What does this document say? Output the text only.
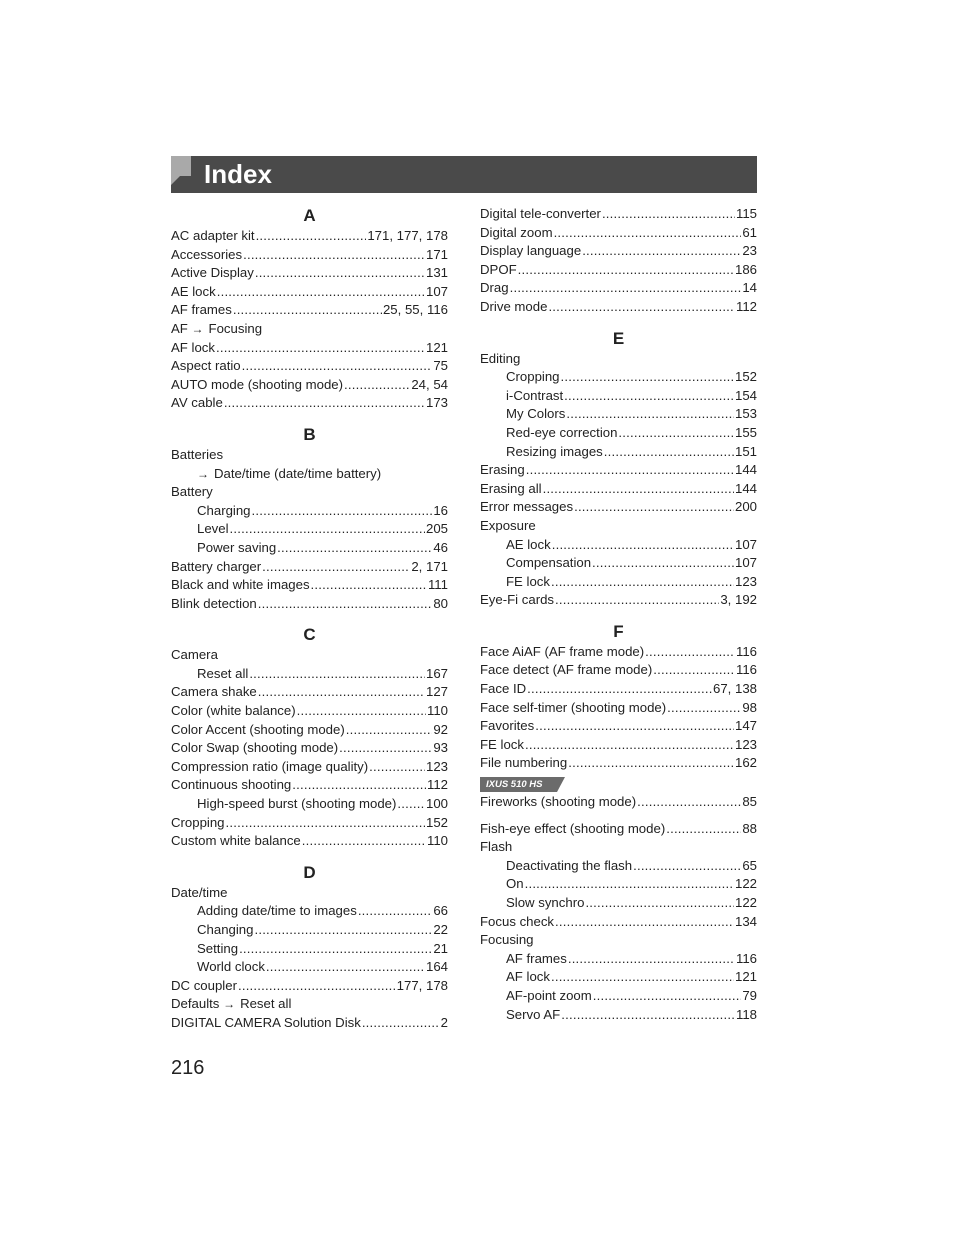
Index
A
AC adapter kit .....	171, 177, 178
Accessories .....	171
Active Display .....	131
AE lock .....	107
AF frames .....	25, 55, 116
AF
→ Focusing
AF lock .....	121
Aspect ratio .....	75
AUTO mode (shooting mode) .....	24, 54
AV cable .....	173
B
Batteries
→ Date/time (date/time battery)
Battery
Charging .....	16
Level .....	205
Power saving .....	46
Battery charger .....	2, 171
Black and white images .....	111
Blink detection .....	80
C
Camera
Reset all .....	167
Camera shake .....	127
Color (white balance) .....	110
Color Accent (shooting mode) .....	92
Color Swap (shooting mode) .....	93
Compression ratio (image quality) .....	123
Continuous shooting .....	112
High-speed burst (shooting mode) ..... 100
Cropping .....	152
Custom white balance .....	110
D
Date/time
Adding date/time to images .....	66
Changing .....	22
Setting .....	21
World clock .....	164
DC coupler .....	177, 178
Defaults
→ Reset all
DIGITAL CAMERA Solution Disk .....	2
Digital tele-converter .....	115
Digital zoom .....	61
Display language .....	23
DPOF .....	186
Drag .....	14
Drive mode .....	112
E
Editing
Cropping .....	152
i-Contrast .....	154
My Colors .....	153
Red-eye correction .....	155
Resizing images .....	151
Erasing .....	144
Erasing all .....	144
Error messages .....	200
Exposure
AE lock .....	107
Compensation .....	107
FE lock .....	123
Eye-Fi cards .....	3, 192
F
Face AiAF (AF frame mode) .....	116
Face detect (AF frame mode) .....	116
Face ID .....	67, 138
Face self-timer (shooting mode) .....	98
Favorites .....	147
FE lock .....	123
File numbering .....	162
IXUS 510 HS
Fireworks (shooting mode) .....	85
Fish-eye effect (shooting mode) .....	88
Flash
Deactivating the flash .....	65
On .....	122
Slow synchro .....	122
Focus check .....	134
Focusing
AF frames .....	116
AF lock .....	121
AF-point zoom .....	79
Servo AF .....	118
216
